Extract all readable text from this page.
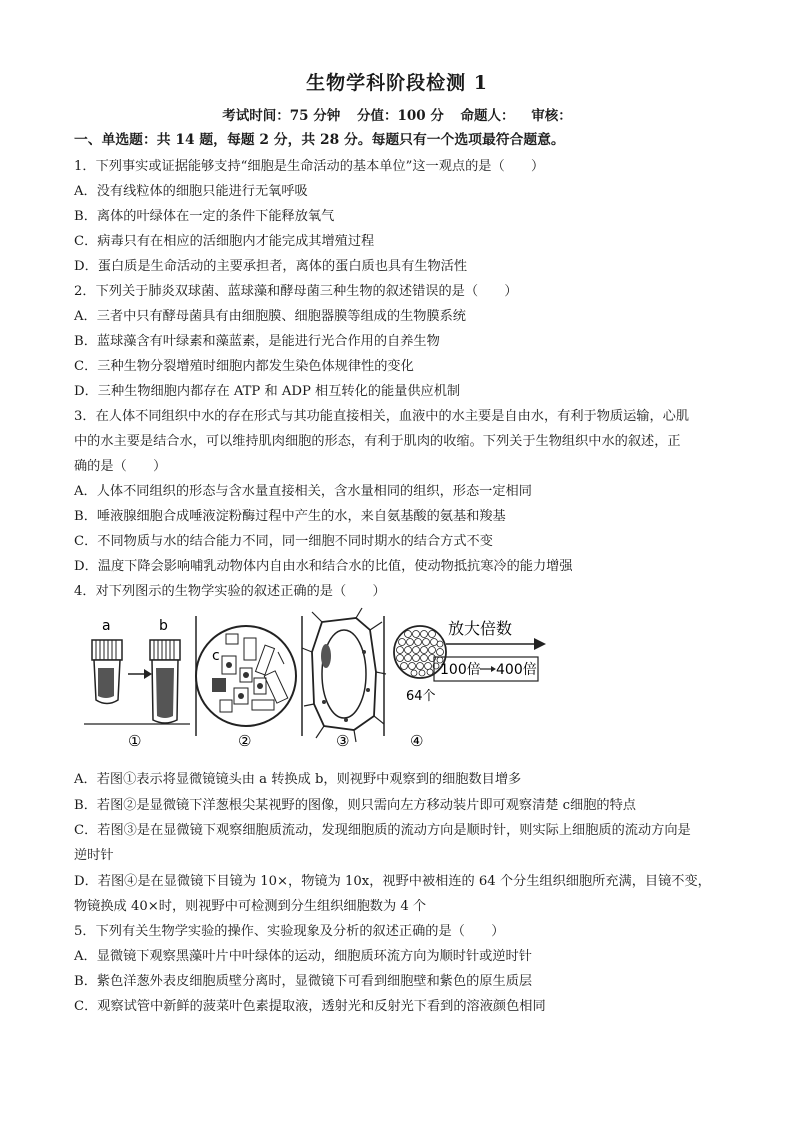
生物学科阶段检测 1
考试时间：75 分钟 分值：100 分 命题人： 审核：
一、单选题：共 14 题，每题 2 分，共 28 分。每题只有一个选项最符合题意。
1．下列事实或证据能够支持“细胞是生命活动的基本单位”这一观点的是（　　）
A．没有线粒体的细胞只能进行无氧呼吸
B．离体的叶绿体在一定的条件下能释放氧气
C．病毒只有在相应的活细胞内才能完成其增殖过程
D．蛋白质是生命活动的主要承担者，离体的蛋白质也具有生物活性
2．下列关于肺炎双球菌、蓝球藻和酵母菌三种生物的叙述错误的是（　　）
A．三者中只有酵母菌具有由细胞膜、细胞器膜等组成的生物膜系统
B．蓝球藻含有叶绿素和藻蓝素，是能进行光合作用的自养生物
C．三种生物分裂增殖时细胞内都发生染色体规律性的变化
D．三种生物细胞内都存在 ATP 和 ADP 相互转化的能量供应机制
3．在人体不同组织中水的存在形式与其功能直接相关，血液中的水主要是自由水，有利于物质运输，心肌
中的水主要是结合水，可以维持肌肉细胞的形态，有利于肌肉的收缩。下列关于生物组织中水的叙述，正
确的是（　　）
A．人体不同组织的形态与含水量直接相关，含水量相同的组织，形态一定相同
B．唾液腺细胞合成唾液淀粉酶过程中产生的水，来自氨基酸的氨基和羧基
C．不同物质与水的结合能力不同，同一细胞不同时期水的结合方式不变
D．温度下降会影响哺乳动物体内自由水和结合水的比值，使动物抵抗寒冷的能力增强
4．对下列图示的生物学实验的叙述正确的是（　　）
a	b
①
c
②	③
64个
放大倍数
100倍 400倍
④
A．若图①表示将显微镜镜头由 a 转换成 b，则视野中观察到的细胞数目增多
B．若图②是显微镜下洋葱根尖某视野的图像，则只需向左方移动装片即可观察清楚 c细胞的特点
C．若图③是在显微镜下观察细胞质流动，发现细胞质的流动方向是顺时针，则实际上细胞质的流动方向是
逆时针
D．若图④是在显微镜下目镜为 10×，物镜为 10x，视野中被相连的 64 个分生组织细胞所充满，目镜不变，
物镜换成 40×时，则视野中可检测到分生组织细胞数为 4 个
5．下列有关生物学实验的操作、实验现象及分析的叙述正确的是（　　）
A．显微镜下观察黑藻叶片中叶绿体的运动，细胞质环流方向为顺时针或逆时针
B．紫色洋葱外表皮细胞质壁分离时，显微镜下可看到细胞壁和紫色的原生质层
C．观察试管中新鲜的菠菜叶色素提取液，透射光和反射光下看到的溶液颜色相同
